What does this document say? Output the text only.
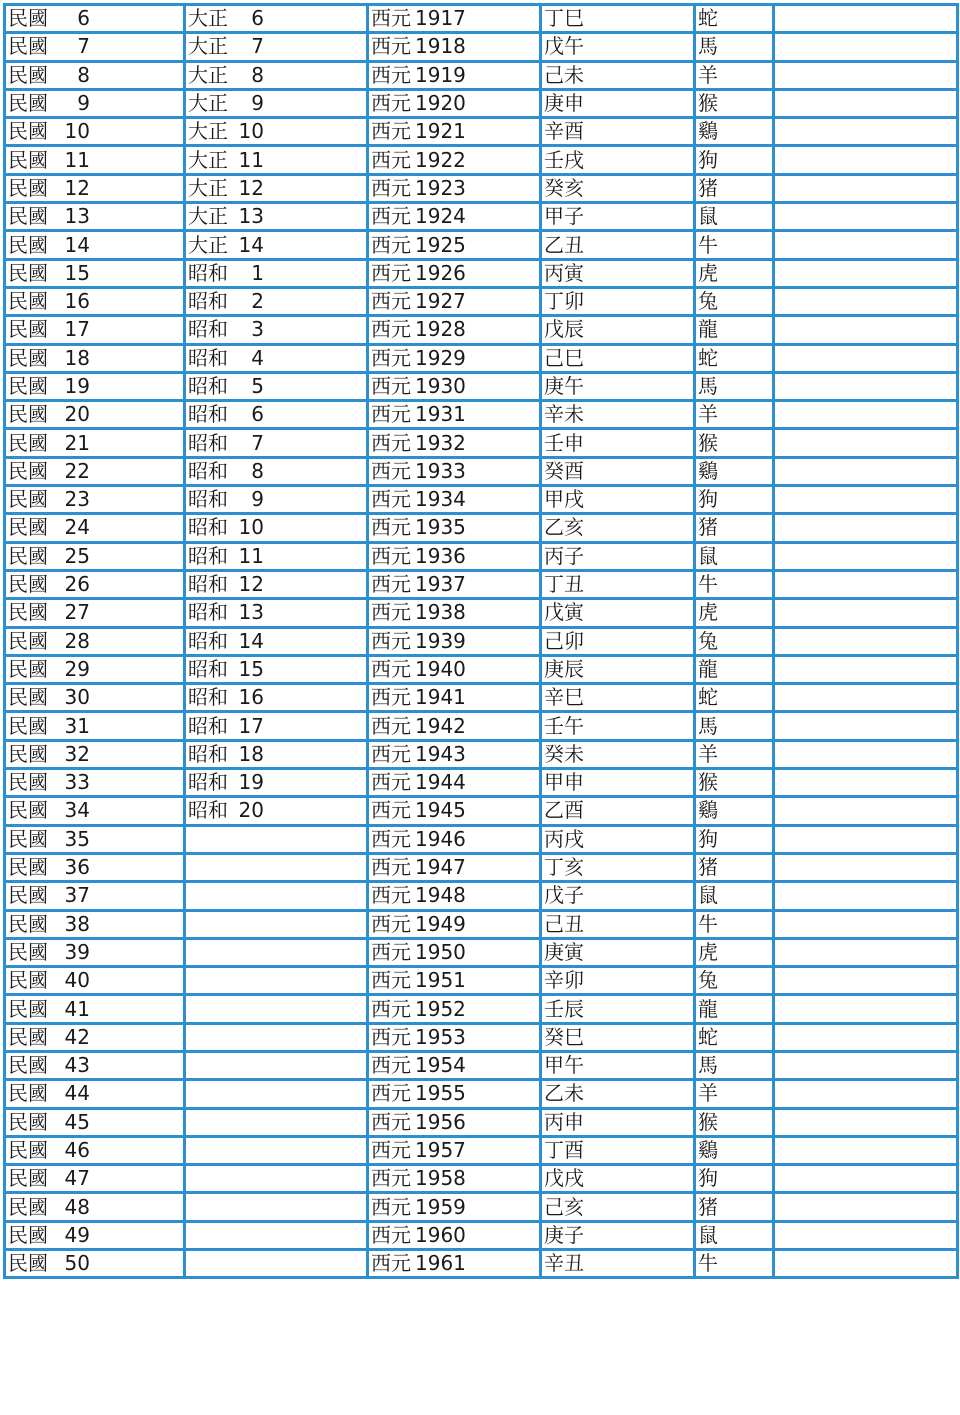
民國 6	大正 6	西元 1917	丁巳	蛇	
民國 7	大正 7	西元 1918	戊午	馬	
民國 8	大正 8	西元 1919	己未	羊	
民國 9	大正 9	西元 1920	庚申	猴	
民國 10	大正 10	西元 1921	辛酉	鷄	
民國 11	大正 11	西元 1922	壬戌	狗	
民國 12	大正 12	西元 1923	癸亥	猪	
民國 13	大正 13	西元 1924	甲子	鼠	
民國 14	大正 14	西元 1925	乙丑	牛	
民國 15	昭和 1	西元 1926	丙寅	虎	
民國 16	昭和 2	西元 1927	丁卯	兔	
民國 17	昭和 3	西元 1928	戊辰	龍	
民國 18	昭和 4	西元 1929	己巳	蛇	
民國 19	昭和 5	西元 1930	庚午	馬	
民國 20	昭和 6	西元 1931	辛未	羊	
民國 21	昭和 7	西元 1932	壬申	猴	
民國 22	昭和 8	西元 1933	癸酉	鷄	
民國 23	昭和 9	西元 1934	甲戌	狗	
民國 24	昭和 10	西元 1935	乙亥	猪	
民國 25	昭和 11	西元 1936	丙子	鼠	
民國 26	昭和 12	西元 1937	丁丑	牛	
民國 27	昭和 13	西元 1938	戊寅	虎	
民國 28	昭和 14	西元 1939	己卯	兔	
民國 29	昭和 15	西元 1940	庚辰	龍	
民國 30	昭和 16	西元 1941	辛巳	蛇	
民國 31	昭和 17	西元 1942	壬午	馬	
民國 32	昭和 18	西元 1943	癸未	羊	
民國 33	昭和 19	西元 1944	甲申	猴	
民國 34	昭和 20	西元 1945	乙酉	鷄	
民國 35		西元 1946	丙戌	狗	
民國 36		西元 1947	丁亥	猪	
民國 37		西元 1948	戊子	鼠	
民國 38		西元 1949	己丑	牛	
民國 39		西元 1950	庚寅	虎	
民國 40		西元 1951	辛卯	兔	
民國 41		西元 1952	壬辰	龍	
民國 42		西元 1953	癸巳	蛇	
民國 43		西元 1954	甲午	馬	
民國 44		西元 1955	乙未	羊	
民國 45		西元 1956	丙申	猴	
民國 46		西元 1957	丁酉	鷄	
民國 47		西元 1958	戊戌	狗	
民國 48		西元 1959	己亥	猪	
民國 49		西元 1960	庚子	鼠	
民國 50		西元 1961	辛丑	牛	
